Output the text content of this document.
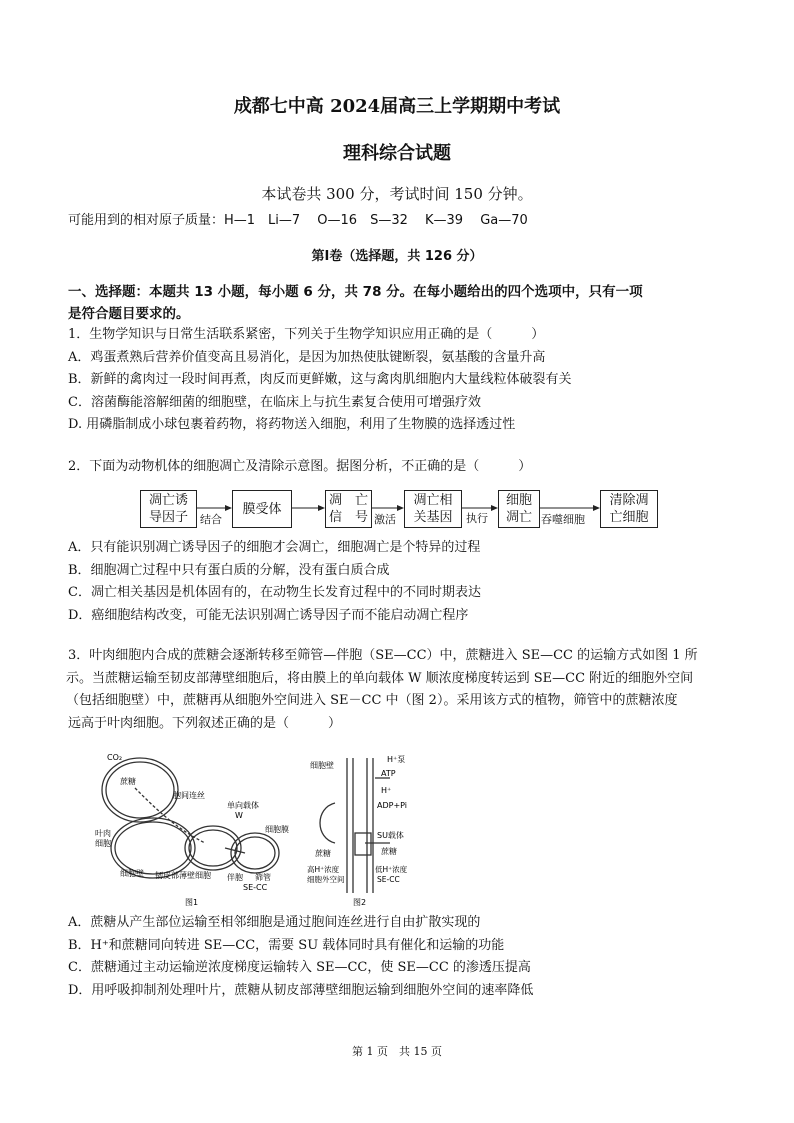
成都七中高 2024届高三上学期期中考试
理科综合试题
本试卷共 300 分，考试时间 150 分钟。
可能用到的相对原子质量：H—1　Li—7　 O—16　S—32　 K—39　 Ga—70
第Ⅰ卷（选择题，共 126 分）
一、选择题：本题共 13 小题，每小题 6 分，共 78 分。在每小题给出的四个选项中，只有一项
是符合题目要求的。
1．生物学知识与日常生活联系紧密，下列关于生物学知识应用正确的是（　　　）
A．鸡蛋煮熟后营养价值变高且易消化，是因为加热使肽键断裂，氨基酸的含量升高
B．新鲜的禽肉过一段时间再煮，肉反而更鲜嫩，这与禽肉肌细胞内大量线粒体破裂有关
C．溶菌酶能溶解细菌的细胞壁，在临床上与抗生素复合使用可增强疗效
D. 用磷脂制成小球包裹着药物，将药物送入细胞，利用了生物膜的选择透过性
2．下面为动物机体的细胞凋亡及清除示意图。据图分析，不正确的是（　　　）
凋亡诱
导因子
膜受体
凋　亡
信　号
凋亡相
关基因
细胞
凋亡
清除凋
亡细胞
结合	激活	执行	吞噬细胞
A．只有能识别凋亡诱导因子的细胞才会凋亡，细胞凋亡是个特异的过程
B．细胞凋亡过程中只有蛋白质的分解，没有蛋白质合成
C．凋亡相关基因是机体固有的，在动物生长发育过程中的不同时期表达
D．癌细胞结构改变，可能无法识别凋亡诱导因子而不能启动凋亡程序
3．叶肉细胞内合成的蔗糖会逐渐转移至筛管—伴胞（SE—CC）中，蔗糖进入 SE—CC 的运输方式如图 1 所
示。当蔗糖运输至韧皮部薄壁细胞后，将由膜上的单向载体 W 顺浓度梯度转运到 SE—CC 附近的细胞外空间
（包括细胞壁）中，蔗糖再从细胞外空间进入 SE－CC 中（图 2）。采用该方式的植物，筛管中的蔗糖浓度
远高于叶肉细胞。下列叙述正确的是（　　　）
CO₂
蔗糖
胞间连丝
叶肉
细胞
细胞壁 韧皮部薄壁细胞
单向载体
W
细胞膜
伴胞 筛管
SE-CC
图1
细胞壁
H⁺泵
ATP
H⁺
ADP+Pi
SU载体
蔗糖	蔗糖
高H⁺浓度
细胞外空间
低H⁺浓度
SE-CC
图2
A．蔗糖从产生部位运输至相邻细胞是通过胞间连丝进行自由扩散实现的
B．H⁺和蔗糖同向转进 SE—CC，需要 SU 载体同时具有催化和运输的功能
C．蔗糖通过主动运输逆浓度梯度运输转入 SE—CC，使 SE—CC 的渗透压提高
D．用呼吸抑制剂处理叶片，蔗糖从韧皮部薄壁细胞运输到细胞外空间的速率降低
第 1 页　共 15 页
